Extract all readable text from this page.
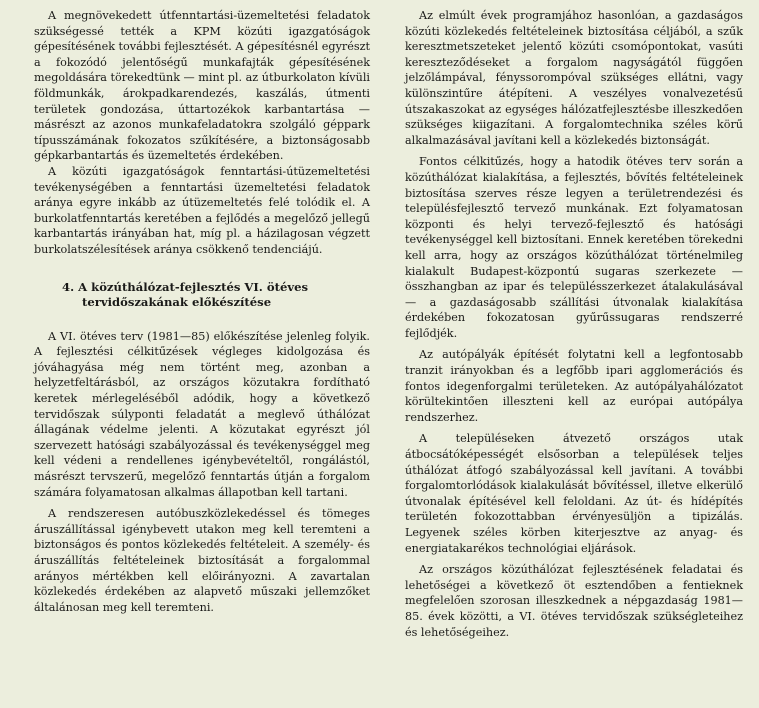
A megnövekedett útfenntartási-üzemeltetési feladatok szükségessé tették a KPM közúti igazgatóságok gépesítésének további fejlesztését. A gépesítésnél egyrészt a fokozódó jelentőségű munkafajták gépesítésének megoldására törekedtünk — mint pl. az útburkolaton kívüli földmunkák, árokpadkarendezés, kaszálás, útmenti területek gondozása, úttartozékok karbantartása — másrészt az azonos munkafeladatokra szolgáló géppark típusszámának fokozatos szűkítésére, a biztonságosabb gépkarbantartás és üzemeltetés érdekében.

A közúti igazgatóságok fenntartási-útüzemeltetési tevékenységében a fenntartási üzemeltetési feladatok aránya egyre inkább az útüzemeltetés felé tolódik el. A burkolatfenntartás keretében a fejlődés a megelőző jellegű karbantartás irányában hat, míg pl. a házilagosan végzett burkolatszélesítések aránya csökkenő tendenciájú.

4. A közúthálózat-fejlesztés VI. ötéves
tervidőszakának előkészítése

A VI. ötéves terv (1981—85) előkészítése jelenleg folyik. A fejlesztési célkitűzések végleges kidolgozása és jóváhagyása még nem történt meg, azonban a helyzetfeltárásból, az országos közutakra fordítható keretek mérlegeléséből adódik, hogy a következő tervidőszak súlyponti feladatát a meglevő úthálózat állagának védelme jelenti. A közutakat egyrészt jól szervezett hatósági szabályozással és tevékenységgel meg kell védeni a rendellenes igénybevételtől, rongálástól, másrészt tervszerű, megelőző fenntartás útján a forgalom számára folyamatosan alkalmas állapotban kell tartani.

A rendszeresen autóbuszközlekedéssel és tömeges áruszállítással igénybevett utakon meg kell teremteni a biztonságos és pontos közlekedés feltételeit. A személy- és áruszállítás feltételeinek biztosítását a forgalommal arányos mértékben kell előirányozni. A zavartalan közlekedés érdekében az alapvető műszaki jellemzőket általánosan meg kell teremteni.

Az elmúlt évek programjához hasonlóan, a gazdaságos közúti közlekedés feltételeinek biztosítása céljából, a szűk keresztmetszeteket jelentő közúti csomópontokat, vasúti kereszteződéseket a forgalom nagyságától függően jelzőlámpával, fényssorompóval szükséges ellátni, vagy különszintűre átépíteni. A veszélyes vonalvezetésű útszakaszokat az egységes hálózatfejlesztésbe illeszkedően szükséges kiigazítani. A forgalomtechnika széles körű alkalmazásával javítani kell a közlekedés biztonságát.

Fontos célkitűzés, hogy a hatodik ötéves terv során a közúthálózat kialakítása, a fejlesztés, bővítés feltételeinek biztosítása szerves része legyen a területrendezési és településfejlesztő tervező munkának. Ezt folyamatosan központi és helyi tervező-fejlesztő és hatósági tevékenységgel kell biztosítani. Ennek keretében törekedni kell arra, hogy az országos közúthálózat történelmileg kialakult Budapest-központú sugaras szerkezete — összhangban az ipar és településszerkezet átalakulásával — a gazdaságosabb szállítási útvonalak kialakítása érdekében fokozatosan gyűrűssugaras rendszerré fejlődjék.

Az autópályák építését folytatni kell a legfontosabb tranzit irányokban és a legfőbb ipari agglomerációs és fontos idegenforgalmi területeken. Az autópályahálózatot körültekintően illeszteni kell az európai autópálya rendszerhez.

A településeken átvezető országos utak átbocsátóképességét elsősorban a települések teljes úthálózat átfogó szabályozással kell javítani. A további forgalomtorlódások kialakulását bővítéssel, illetve elkerülő útvonalak építésével kell feloldani. Az út- és hídépítés területén fokozottabban érvényesüljön a tipizálás. Legyenek széles körben kiterjesztve az anyag- és energiatakarékos technológiai eljárások.

Az országos közúthálózat fejlesztésének feladatai és lehetőségei a következő öt esztendőben a fentieknek megfelelően szorosan illeszkednek a népgazdaság 1981—85. évek közötti, a VI. ötéves tervidőszak szükségleteihez és lehetőségeihez.
